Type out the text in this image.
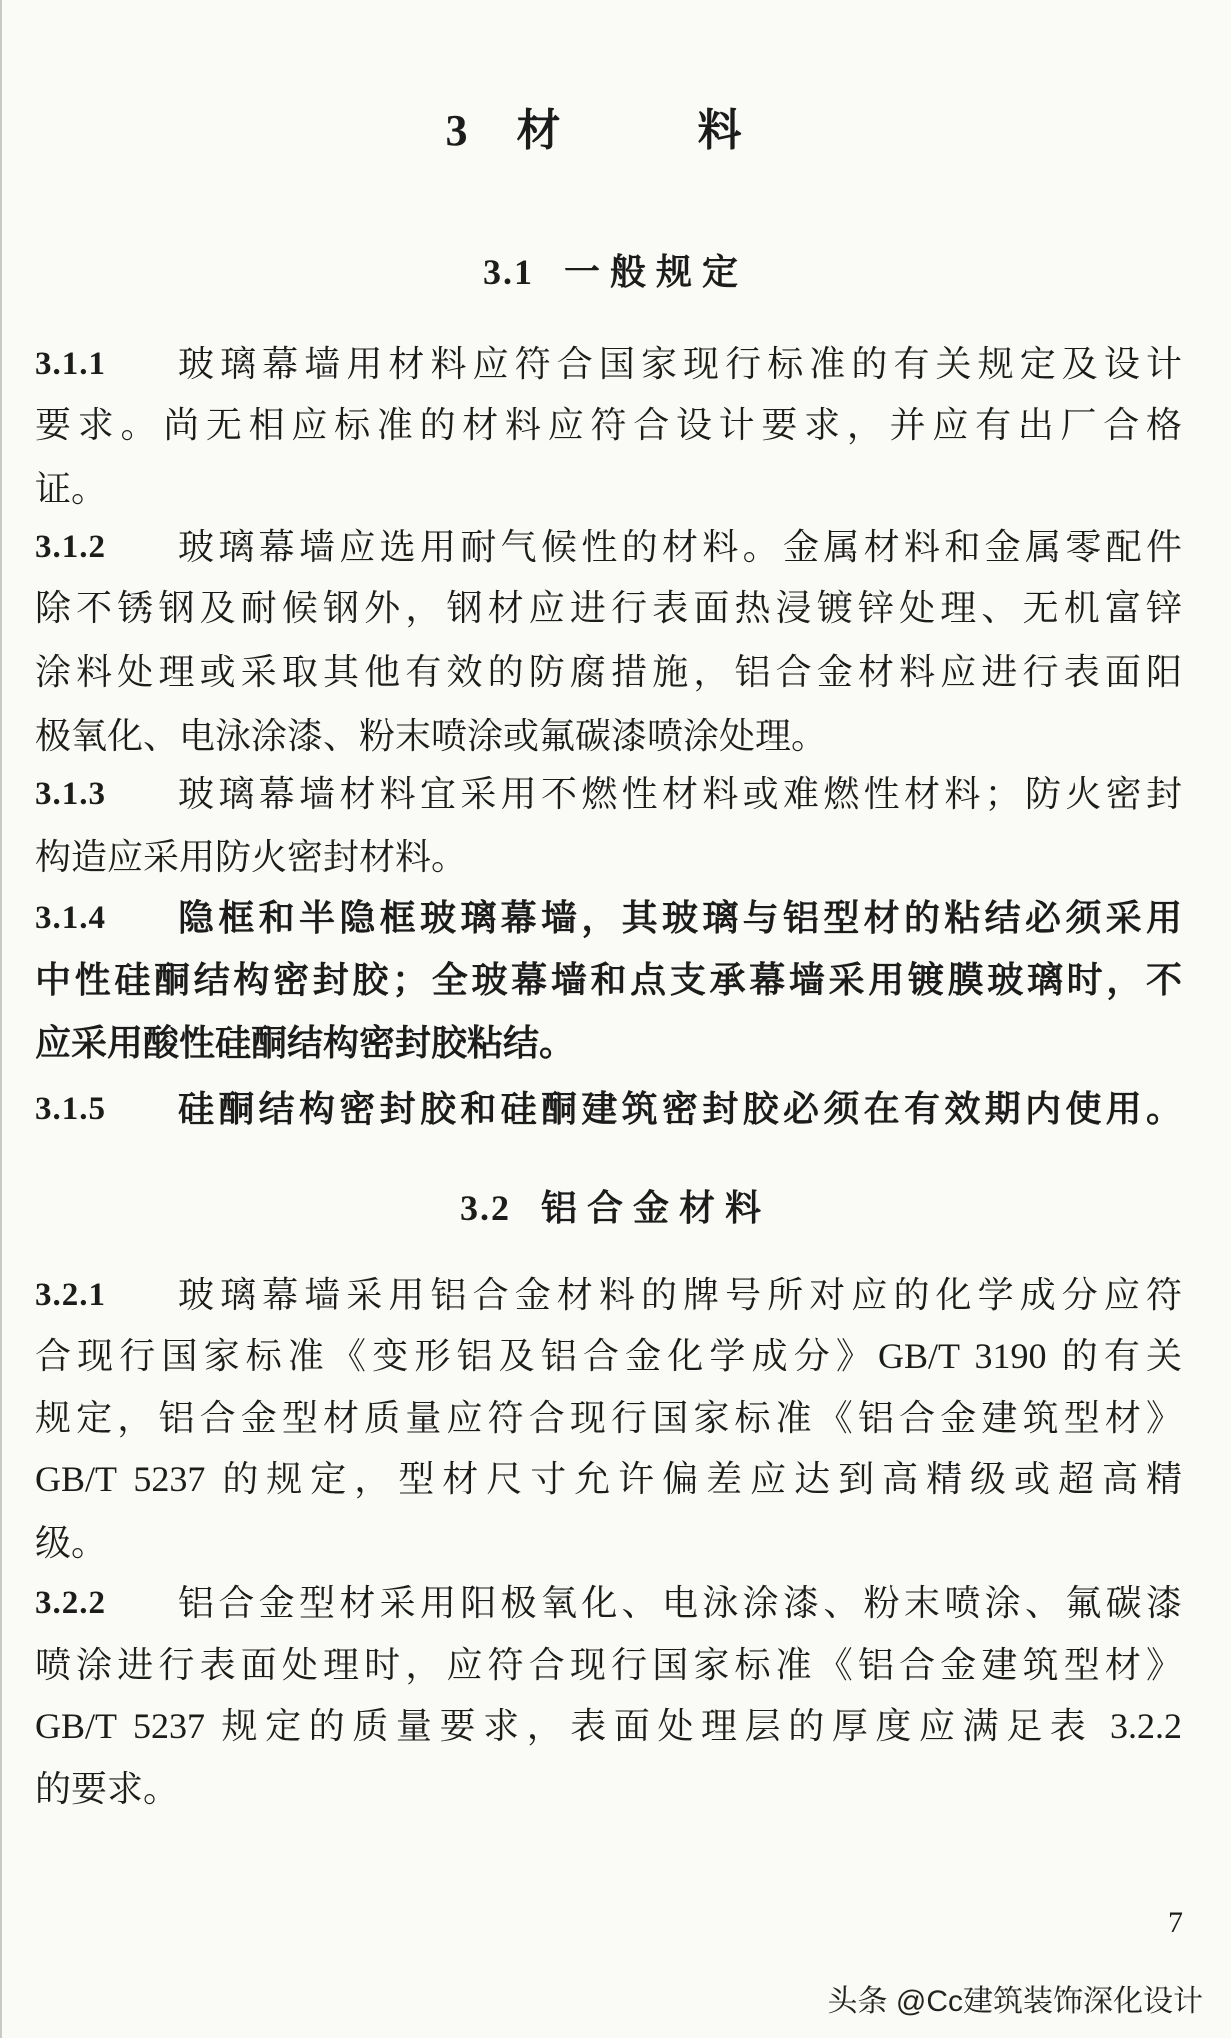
3 材	料
3.1 一般规定
3.1.1 玻璃幕墙用材料应符合国家现行标准的有关规定及设计
要求。尚无相应标准的材料应符合设计要求，并应有出厂合格
证。
3.1.2 玻璃幕墙应选用耐气候性的材料。金属材料和金属零配件
除不锈钢及耐候钢外，钢材应进行表面热浸镀锌处理、无机富锌
涂料处理或采取其他有效的防腐措施，铝合金材料应进行表面阳
极氧化、电泳涂漆、粉末喷涂或氟碳漆喷涂处理。
3.1.3 玻璃幕墙材料宜采用不燃性材料或难燃性材料；防火密封
构造应采用防火密封材料。
3.1.4 隐框和半隐框玻璃幕墙，其玻璃与铝型材的粘结必须采用
中性硅酮结构密封胶；全玻幕墙和点支承幕墙采用镀膜玻璃时，不
应采用酸性硅酮结构密封胶粘结。
3.1.5 硅酮结构密封胶和硅酮建筑密封胶必须在有效期内使用。
3.2 铝合金材料
3.2.1 玻璃幕墙采用铝合金材料的牌号所对应的化学成分应符
合现行国家标准《变形铝及铝合金化学成分》GB/T 3190 的有关
规定，铝合金型材质量应符合现行国家标准《铝合金建筑型材》
GB/T 5237 的规定，型材尺寸允许偏差应达到高精级或超高精
级。
3.2.2 铝合金型材采用阳极氧化、电泳涂漆、粉末喷涂、氟碳漆
喷涂进行表面处理时，应符合现行国家标准《铝合金建筑型材》
GB/T 5237 规定的质量要求，表面处理层的厚度应满足表 3.2.2
的要求。
7
头条 @Cc建筑装饰深化设计
